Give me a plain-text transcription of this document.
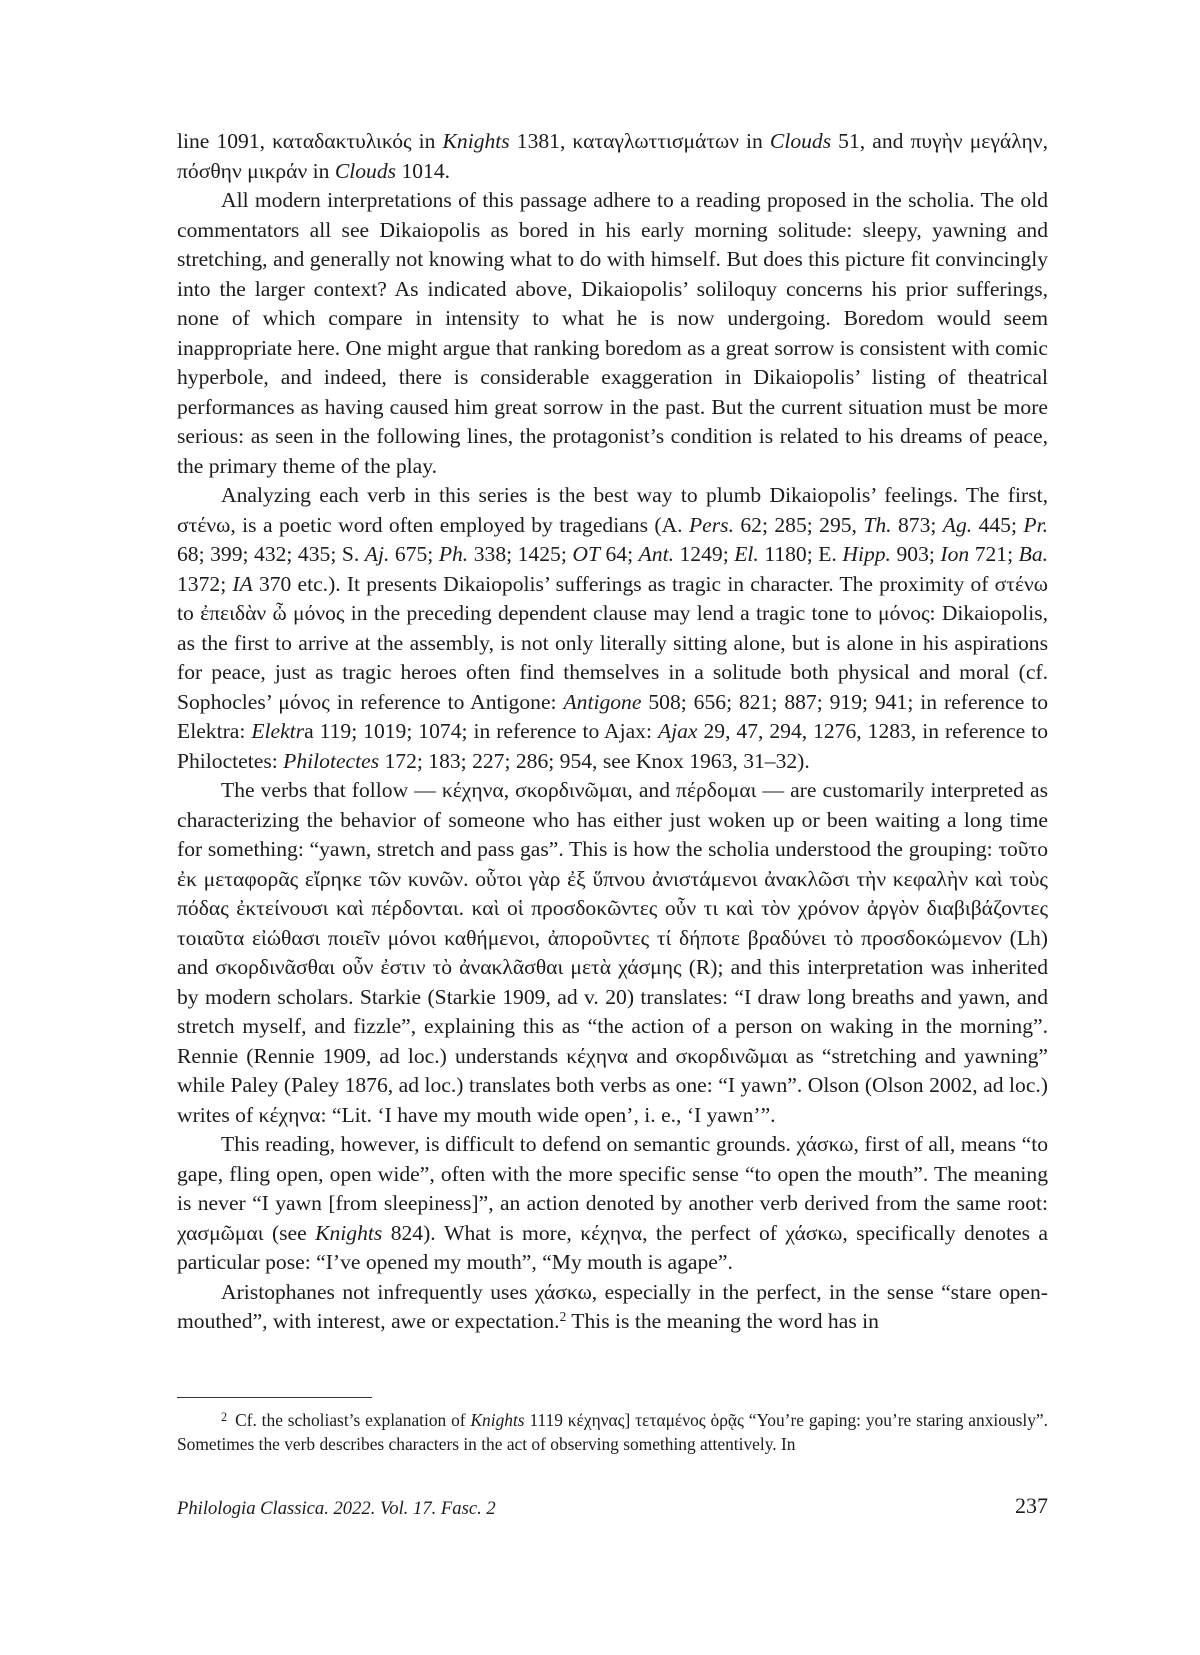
line 1091, καταδακτυλικός in Knights 1381, καταγλωττισμάτων in Clouds 51, and πυγὴν μεγάλην, πόσθην μικράν in Clouds 1014.

All modern interpretations of this passage adhere to a reading proposed in the scholia. The old commentators all see Dikaiopolis as bored in his early morning solitude: sleepy, yawning and stretching, and generally not knowing what to do with himself. But does this picture fit convincingly into the larger context? As indicated above, Dikaiopolis’ soliloquy concerns his prior sufferings, none of which compare in intensity to what he is now undergoing. Boredom would seem inappropriate here. One might argue that ranking boredom as a great sorrow is consistent with comic hyperbole, and indeed, there is considerable exaggeration in Dikaiopolis’ listing of theatrical performances as having caused him great sorrow in the past. But the current situation must be more serious: as seen in the following lines, the protagonist’s condition is related to his dreams of peace, the primary theme of the play.

Analyzing each verb in this series is the best way to plumb Dikaiopolis’ feelings. The first, στένω, is a poetic word often employed by tragedians (A. Pers. 62; 285; 295, Th. 873; Ag. 445; Pr. 68; 399; 432; 435; S. Aj. 675; Ph. 338; 1425; OT 64; Ant. 1249; El. 1180; E. Hipp. 903; Ion 721; Ba. 1372; IA 370 etc.). It presents Dikaiopolis’ sufferings as tragic in character. The proximity of στένω to ἐπειδὰν ὦ μόνος in the preceding dependent clause may lend a tragic tone to μόνος: Dikaiopolis, as the first to arrive at the assembly, is not only literally sitting alone, but is alone in his aspirations for peace, just as tragic heroes often find themselves in a solitude both physical and moral (cf. Sophocles’ μόνος in reference to Antigone: Antigone 508; 656; 821; 887; 919; 941; in reference to Elektra: Elektra 119; 1019; 1074; in reference to Ajax: Ajax 29, 47, 294, 1276, 1283, in reference to Philoctetes: Philotectes 172; 183; 227; 286; 954, see Knox 1963, 31–32).

The verbs that follow — κέχηνα, σκορδινῶμαι, and πέρδομαι — are customarily interpreted as characterizing the behavior of someone who has either just woken up or been waiting a long time for something: “yawn, stretch and pass gas”. This is how the scholia understood the grouping: τοῦτο ἐκ μεταφορᾶς εἴρηκε τῶν κυνῶν. οὗτοι γὰρ ἐξ ὕπνου ἀνιστάμενοι ἀνακλῶσι τὴν κεφαλὴν καὶ τοὺς πόδας ἐκτείνουσι καὶ πέρδονται. καὶ οἱ προσδοκῶντες οὖν τι καὶ τὸν χρόνον ἀργὸν διαβιβάζοντες τοιαῦτα εἰώθασι ποιεῖν μόνοι καθήμενοι, ἀποροῦντες τί δήποτε βραδύνει τὸ προσδοκώμενον (Lh) and σκορδινᾶσθαι οὖν ἐστιν τὸ ἀνακλᾶσθαι μετὰ χάσμης (R); and this interpretation was inherited by modern scholars. Starkie (Starkie 1909, ad v. 20) translates: “I draw long breaths and yawn, and stretch myself, and fizzle”, explaining this as “the action of a person on waking in the morning”. Rennie (Rennie 1909, ad loc.) understands κέχηνα and σκορδινῶμαι as “stretching and yawning” while Paley (Paley 1876, ad loc.) translates both verbs as one: “I yawn”. Olson (Olson 2002, ad loc.) writes of κέχηνα: “Lit. ‘I have my mouth wide open’, i. e., ‘I yawn’”.

This reading, however, is difficult to defend on semantic grounds. χάσκω, first of all, means “to gape, fling open, open wide”, often with the more specific sense “to open the mouth”. The meaning is never “I yawn [from sleepiness]”, an action denoted by another verb derived from the same root: χασμῶμαι (see Knights 824). What is more, κέχηνα, the perfect of χάσκω, specifically denotes a particular pose: “I’ve opened my mouth”, “My mouth is agape”.

Aristophanes not infrequently uses χάσκω, especially in the perfect, in the sense “stare open-mouthed”, with interest, awe or expectation.$^2$ This is the meaning the word has in

$^2$ Cf. the scholiast’s explanation of Knights 1119 κέχηνας] τεταμένος ὁρᾷς “You’re gaping: you’re staring anxiously”. Sometimes the verb describes characters in the act of observing something attentively. In

Philologia Classica. 2022. Vol. 17. Fasc. 2	237
